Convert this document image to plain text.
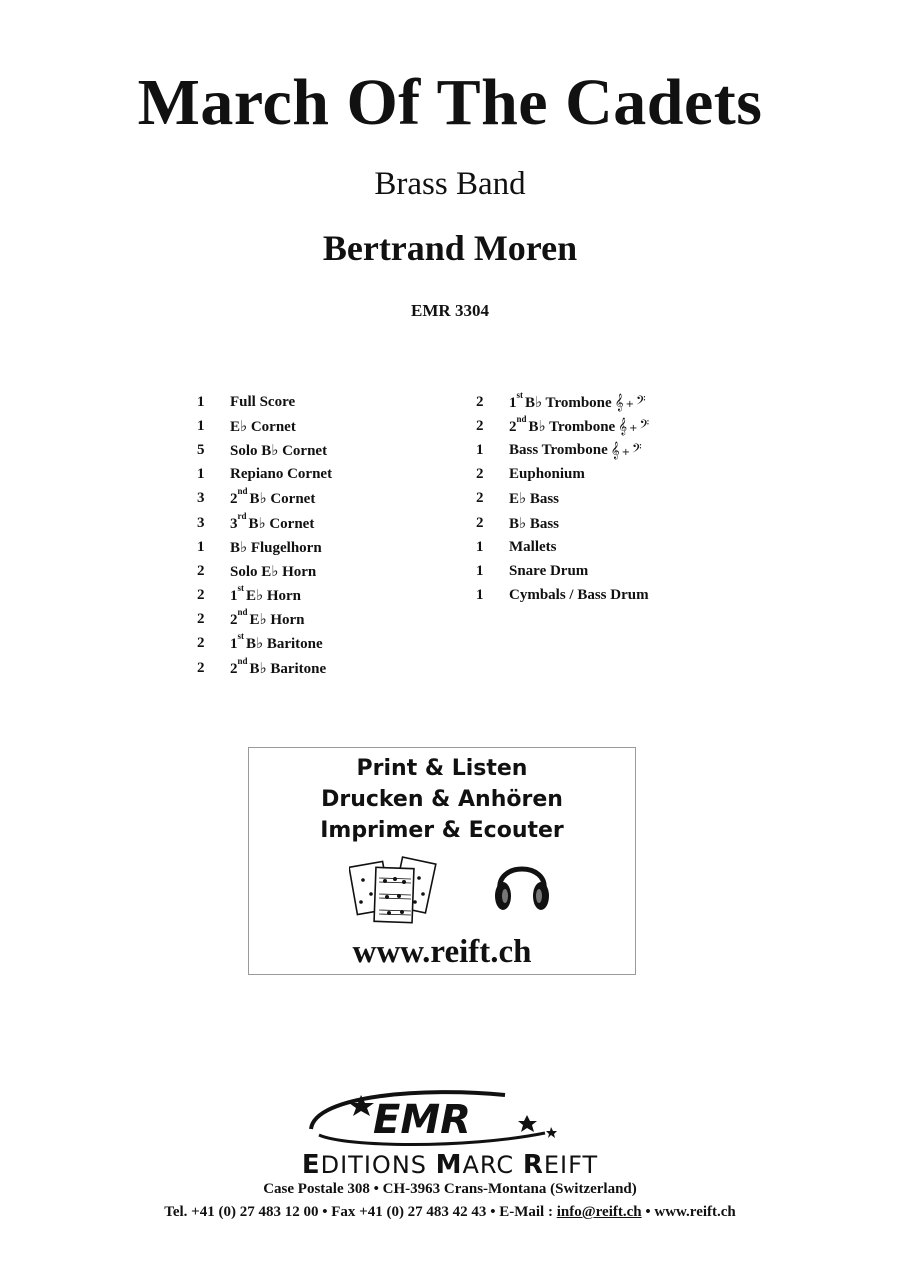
March Of The Cadets
Brass Band
Bertrand Moren
EMR 3304
1	Full Score
1	E♭ Cornet
5	Solo B♭ Cornet
1	Repiano Cornet
3	2nd B♭ Cornet
3	3rd B♭ Cornet
1	B♭ Flugelhorn
2	Solo E♭ Horn
2	1st E♭ Horn
2	2nd E♭ Horn
2	1st B♭ Baritone
2	2nd B♭ Baritone
2	1st B♭ Trombone 𝄞 + 𝄢
2	2nd B♭ Trombone 𝄞 + 𝄢
1	Bass Trombone 𝄞 + 𝄢
2	Euphonium
2	E♭ Bass
2	B♭ Bass
1	Mallets
1	Snare Drum
1	Cymbals / Bass Drum
Print & Listen
Drucken & Anhören
Imprimer & Ecouter
www.reift.ch
EMR
EDITIONS MARC REIFT
Case Postale 308 • CH-3963 Crans-Montana (Switzerland)
Tel. +41 (0) 27 483 12 00 • Fax +41 (0) 27 483 42 43 • E-Mail : info@reift.ch • www.reift.ch
